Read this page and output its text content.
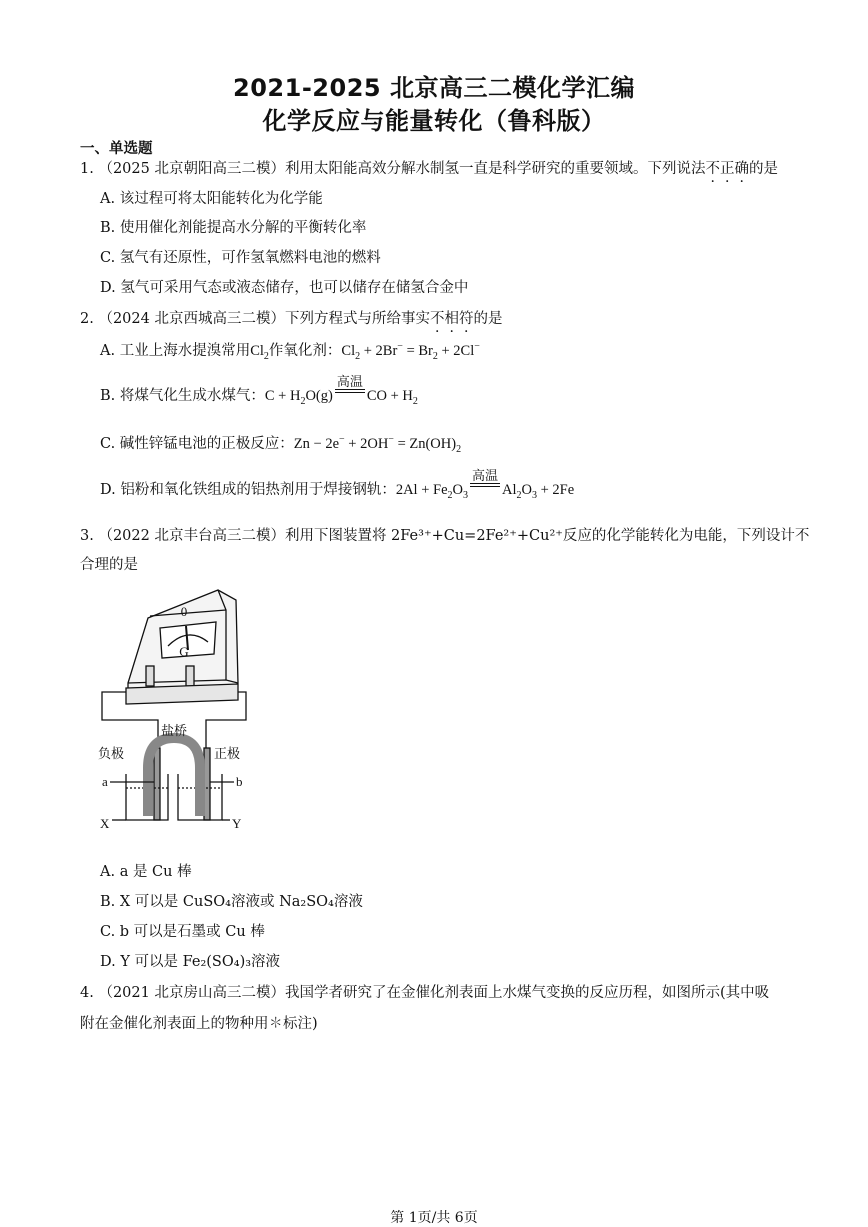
2021-2025 北京高三二模化学汇编
化学反应与能量转化（鲁科版）
一、单选题
1. （2025 北京朝阳高三二模）利用太阳能高效分解水制氢一直是科学研究的重要领域。下列说法不正确的是
A. 该过程可将太阳能转化为化学能
B. 使用催化剂能提高水分解的平衡转化率
C. 氢气有还原性，可作氢氧燃料电池的燃料
D. 氢气可采用气态或液态储存，也可以储存在储氢合金中
2. （2024 北京西城高三二模）下列方程式与所给事实不相符的是
A. 工业上海水提溴常用$Cl_2$作氧化剂：$Cl_2 + 2Br^- = Br_2 + 2Cl^-$
B. 将煤气化生成水煤气：$C + H_2O(g)$
高温
CO + $H_2$
C. 碱性锌锰电池的正极反应：$Zn - 2e^- + 2OH^- = Zn(OH)_2$
D. 铝粉和氧化铁组成的铝热剂用于焊接钢轨：$2Al + Fe_2O_3$
高温
$Al_2O_3 + 2Fe$
3. （2022 北京丰台高三二模）利用下图装置将 2Fe³⁺+Cu=2Fe²⁺+Cu²⁺反应的化学能转化为电能，下列设计不
合理的是
0
G
盐桥
负极	正极
a	b
X	Y
A. a 是 Cu 棒
B. X 可以是 CuSO₄溶液或 Na₂SO₄溶液
C. b 可以是石墨或 Cu 棒
D. Y 可以是 Fe₂(SO₄)₃溶液
4. （2021 北京房山高三二模）我国学者研究了在金催化剂表面上水煤气变换的反应历程，如图所示(其中吸
附在金催化剂表面上的物种用✽标注)
第 1页/共 6页
